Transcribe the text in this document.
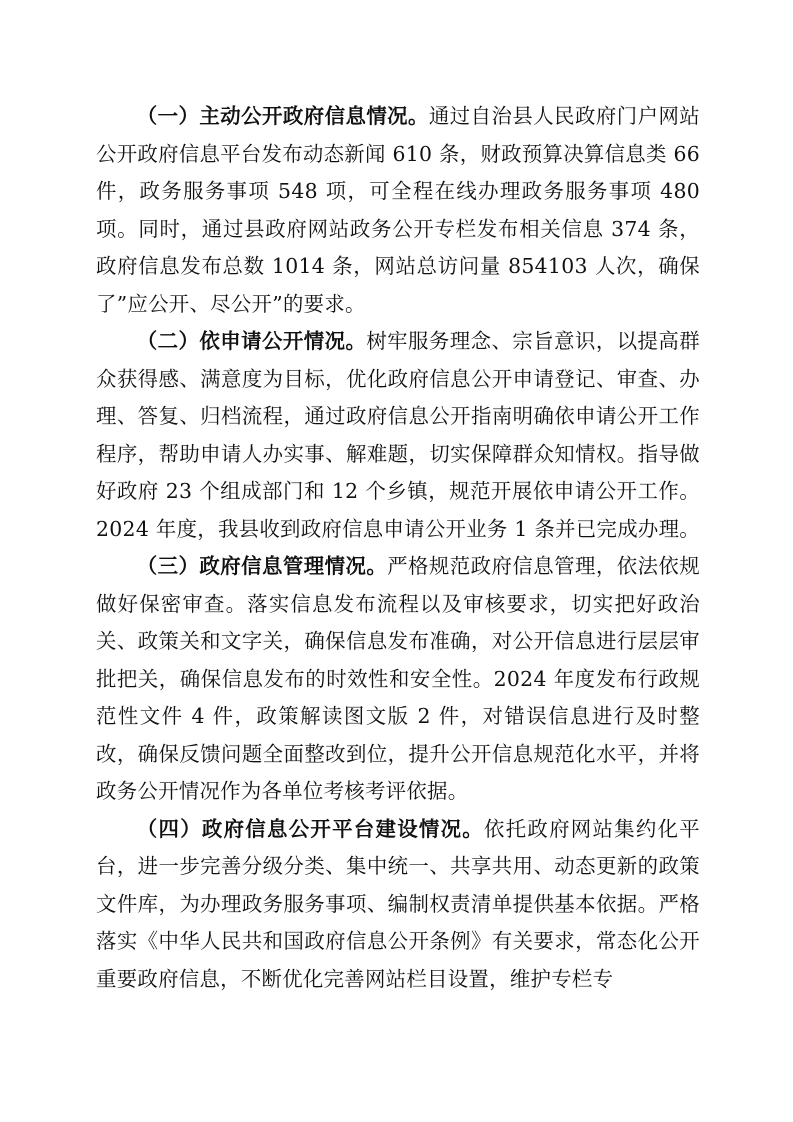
（一）主动公开政府信息情况。通过自治县人民政府门户网站公开政府信息平台发布动态新闻 610 条，财政预算决算信息类 66 件，政务服务事项 548 项，可全程在线办理政务服务事项 480 项。同时，通过县政府网站政务公开专栏发布相关信息 374 条，政府信息发布总数 1014 条，网站总访问量 854103 人次，确保了”应公开、尽公开”的要求。

（二）依申请公开情况。树牢服务理念、宗旨意识，以提高群众获得感、满意度为目标，优化政府信息公开申请登记、审查、办理、答复、归档流程，通过政府信息公开指南明确依申请公开工作程序，帮助申请人办实事、解难题，切实保障群众知情权。指导做好政府 23 个组成部门和 12 个乡镇，规范开展依申请公开工作。2024 年度，我县收到政府信息申请公开业务 1 条并已完成办理。

（三）政府信息管理情况。严格规范政府信息管理，依法依规做好保密审查。落实信息发布流程以及审核要求，切实把好政治关、政策关和文字关，确保信息发布准确，对公开信息进行层层审批把关，确保信息发布的时效性和安全性。2024 年度发布行政规范性文件 4 件，政策解读图文版 2 件，对错误信息进行及时整改，确保反馈问题全面整改到位，提升公开信息规范化水平，并将政务公开情况作为各单位考核考评依据。

（四）政府信息公开平台建设情况。依托政府网站集约化平台，进一步完善分级分类、集中统一、共享共用、动态更新的政策文件库，为办理政务服务事项、编制权责清单提供基本依据。严格落实《中华人民共和国政府信息公开条例》有关要求，常态化公开重要政府信息，不断优化完善网站栏目设置，维护专栏专
